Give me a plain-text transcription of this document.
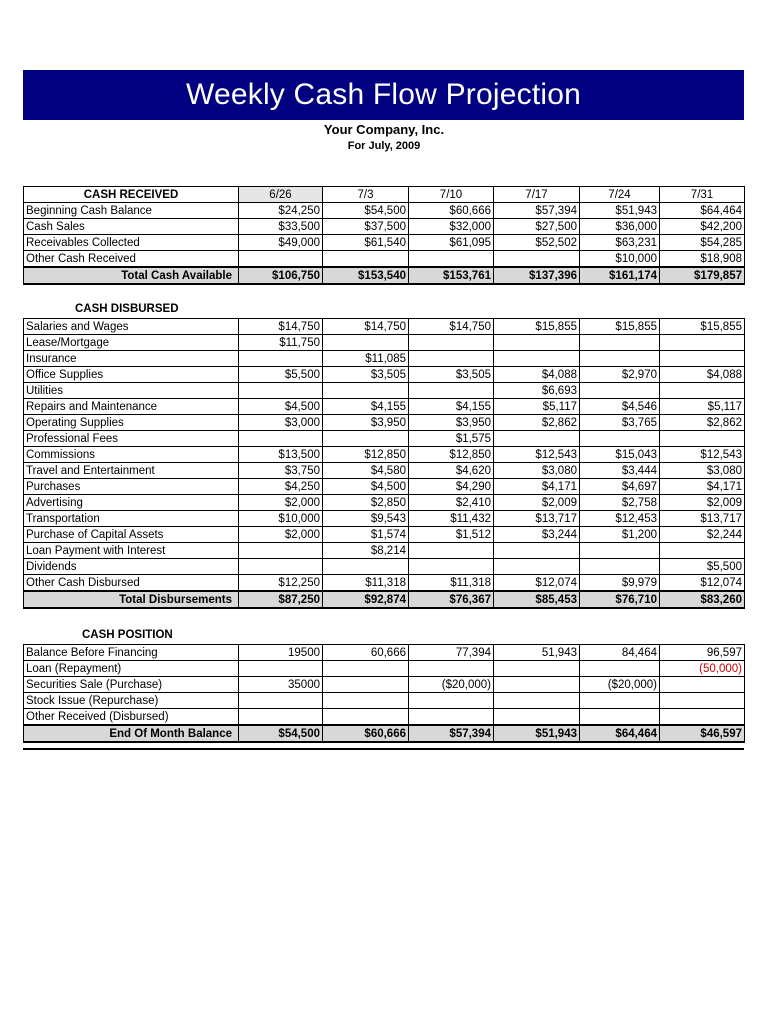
Weekly Cash Flow Projection
Your Company, Inc.
For July, 2009
CASH RECEIVED	6/26	7/3	7/10	7/17	7/24	7/31
Beginning Cash Balance	$24,250	$54,500	$60,666	$57,394	$51,943	$64,464
Cash Sales	$33,500	$37,500	$32,000	$27,500	$36,000	$42,200
Receivables Collected	$49,000	$61,540	$61,095	$52,502	$63,231	$54,285
Other Cash Received					$10,000	$18,908
Total Cash Available	$106,750	$153,540	$153,761	$137,396	$161,174	$179,857
CASH DISBURSED
Salaries and Wages	$14,750	$14,750	$14,750	$15,855	$15,855	$15,855
Lease/Mortgage	$11,750					
Insurance		$11,085				
Office Supplies	$5,500	$3,505	$3,505	$4,088	$2,970	$4,088
Utilities				$6,693		
Repairs and Maintenance	$4,500	$4,155	$4,155	$5,117	$4,546	$5,117
Operating Supplies	$3,000	$3,950	$3,950	$2,862	$3,765	$2,862
Professional Fees			$1,575			
Commissions	$13,500	$12,850	$12,850	$12,543	$15,043	$12,543
Travel and Entertainment	$3,750	$4,580	$4,620	$3,080	$3,444	$3,080
Purchases	$4,250	$4,500	$4,290	$4,171	$4,697	$4,171
Advertising	$2,000	$2,850	$2,410	$2,009	$2,758	$2,009
Transportation	$10,000	$9,543	$11,432	$13,717	$12,453	$13,717
Purchase of Capital Assets	$2,000	$1,574	$1,512	$3,244	$1,200	$2,244
Loan Payment with Interest		$8,214				
Dividends						$5,500
Other Cash Disbursed	$12,250	$11,318	$11,318	$12,074	$9,979	$12,074
Total Disbursements	$87,250	$92,874	$76,367	$85,453	$76,710	$83,260
CASH POSITION
Balance Before Financing	19500	60,666	77,394	51,943	84,464	96,597
Loan (Repayment)						(50,000)
Securities Sale (Purchase)	35000		($20,000)		($20,000)	
Stock Issue (Repurchase)						
Other Received (Disbursed)						
End Of Month Balance	$54,500	$60,666	$57,394	$51,943	$64,464	$46,597
